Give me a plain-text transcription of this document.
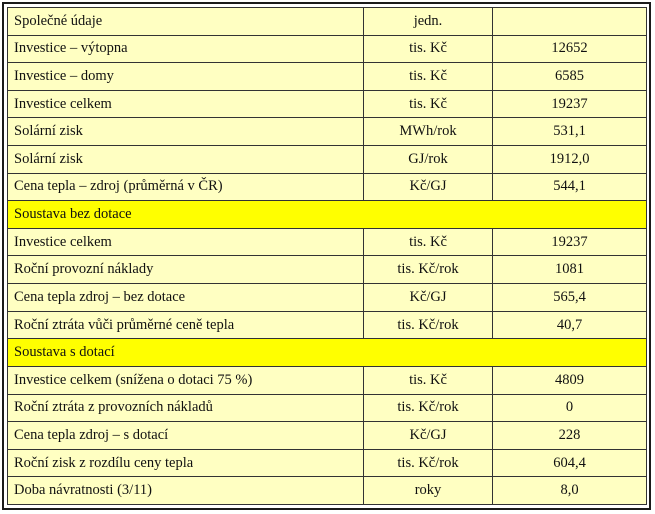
Společné údaje	jedn.	
Investice – výtopna	tis. Kč	12652
Investice – domy	tis. Kč	6585
Investice celkem	tis. Kč	19237
Solární zisk	MWh/rok	531,1
Solární zisk	GJ/rok	1912,0
Cena tepla – zdroj (průměrná v ČR)	Kč/GJ	544,1
Soustava bez dotace		
Investice celkem	tis. Kč	19237
Roční provozní náklady	tis. Kč/rok	1081
Cena tepla zdroj – bez dotace	Kč/GJ	565,4
Roční ztráta vůči průměrné ceně tepla	tis. Kč/rok	40,7
Soustava s dotací		
Investice celkem (snížena o dotaci 75 %)	tis. Kč	4809
Roční ztráta z provozních nákladů	tis. Kč/rok	0
Cena tepla zdroj – s dotací	Kč/GJ	228
Roční zisk z rozdílu ceny tepla	tis. Kč/rok	604,4
Doba návratnosti (3/11)	roky	8,0
